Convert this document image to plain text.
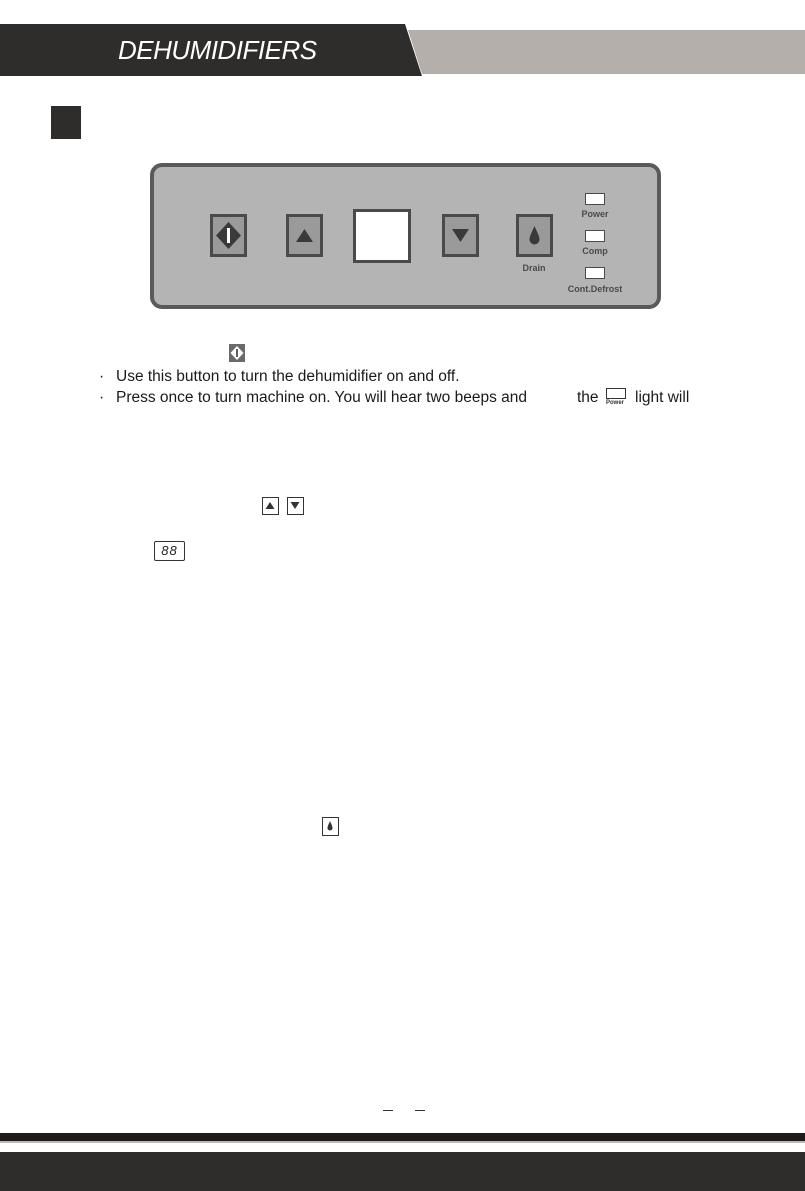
DEHUMIDIFIERS
Drain
Power
Comp
Cont.Defrost
· Use this button to turn the dehumidifier on and off.
· Press once to turn machine on. You will hear two beeps and	the Power light will
88
